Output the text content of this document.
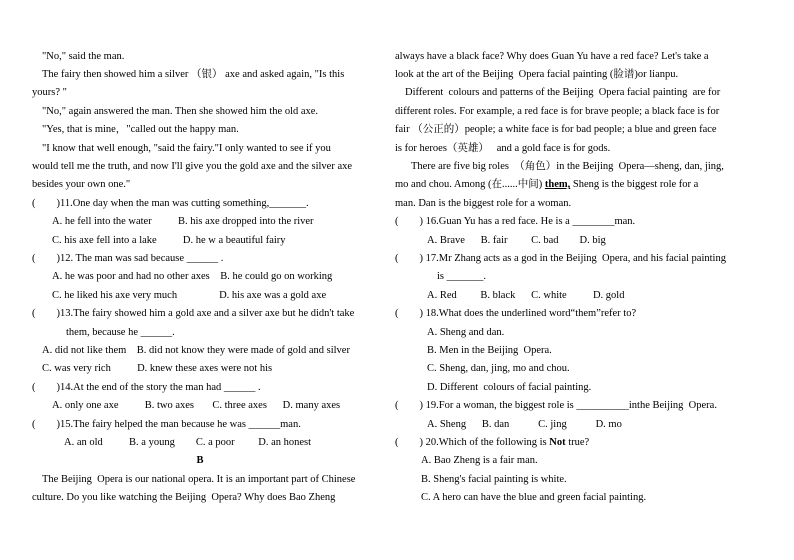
"No," said the man.
The fairy then showed him a silver （银） axe and asked again, "Is this
yours? "
"No," again answered the man. Then she showed him the old axe.
"Yes, that is mine，"called out the happy man.
"I know that well enough, "said the fairy."I only wanted to see if you
would tell me the truth, and now I'll give you the gold axe and the silver axe
besides your own one."
(        )11.One day when the man was cutting something,_______.
A. he fell into the water          B. his axe dropped into the river
C. his axe fell into a lake          D. he w a beautiful fairy
(        )12. The man was sad because ______ .
A. he was poor and had no other axes    B. he could go on working
C. he liked his axe very much                D. his axe was a gold axe
(        )13.The fairy showed him a gold axe and a silver axe but he didn't take
them, because he ______.
A. did not like them    B. did not know they were made of gold and silver
C. was very rich          D. knew these axes were not his
(        )14.At the end of the story the man had ______ .
A. only one axe          B. two axes       C. three axes      D. many axes
(        )15.The fairy helped the man because he was ______man.
A. an old          B. a young        C. a poor         D. an honest
B
The Beijing  Opera is our national opera. It is an important part of Chinese
culture. Do you like watching the Beijing  Opera? Why does Bao Zheng
always have a black face? Why does Guan Yu have a red face? Let's take a
look at the art of the Beijing  Opera facial painting (脸谱)or lianpu.
Different  colours and patterns of the Beijing  Opera facial painting  are for
different roles. For example, a red face is for brave people; a black face is for
fair （公正的）people; a white face is for bad people; a blue and green face
is for heroes（英雄）   and a gold face is for gods.
There are five big roles  （角色）in the Beijing  Opera—sheng, dan, jing,
mo and chou. Among (在......中间) them, Sheng is the biggest role for a
man. Dan is the biggest role for a woman.
(        ) 16.Guan Yu has a red face. He is a ________man.
A. Brave      B. fair         C. bad        D. big
(        ) 17.Mr Zhang acts as a god in the Beijing  Opera, and his facial painting
is _______.
A. Red         B. black      C. white          D. gold
(        ) 18.What does the underlined word“them”refer to?
A. Sheng and dan.
B. Men in the Beijing  Opera.
C. Sheng, dan, jing, mo and chou.
D. Different  colours of facial painting.
(        ) 19.For a woman, the biggest role is __________inthe Beijing  Opera.
A. Sheng      B. dan           C. jing           D. mo
(        ) 20.Which of the following is Not true?
A. Bao Zheng is a fair man.
B. Sheng's facial painting is white.
C. A hero can have the blue and green facial painting.
